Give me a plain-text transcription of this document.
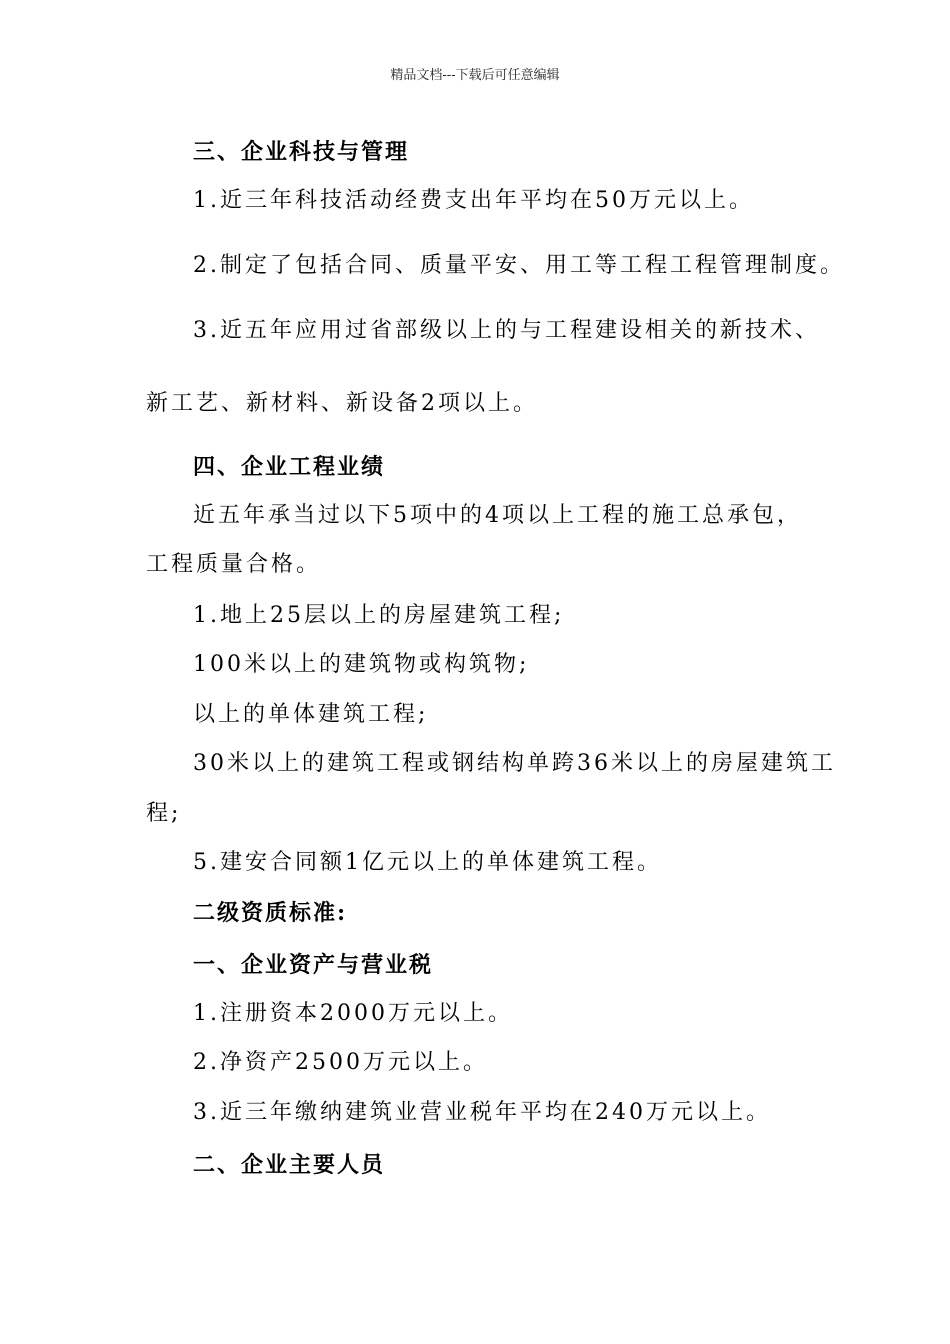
精品文档---下载后可任意编辑
三、企业科技与管理
1.近三年科技活动经费支出年平均在50万元以上。
2.制定了包括合同、质量平安、用工等工程工程管理制度。
3.近五年应用过省部级以上的与工程建设相关的新技术、
新工艺、新材料、新设备2项以上。
四、企业工程业绩
近五年承当过以下5项中的4项以上工程的施工总承包，
工程质量合格。
1.地上25层以上的房屋建筑工程;
100米以上的建筑物或构筑物;
以上的单体建筑工程;
30米以上的建筑工程或钢结构单跨36米以上的房屋建筑工
程;
5.建安合同额1亿元以上的单体建筑工程。
二级资质标准:
一、企业资产与营业税
1.注册资本2000万元以上。
2.净资产2500万元以上。
3.近三年缴纳建筑业营业税年平均在240万元以上。
二、企业主要人员
